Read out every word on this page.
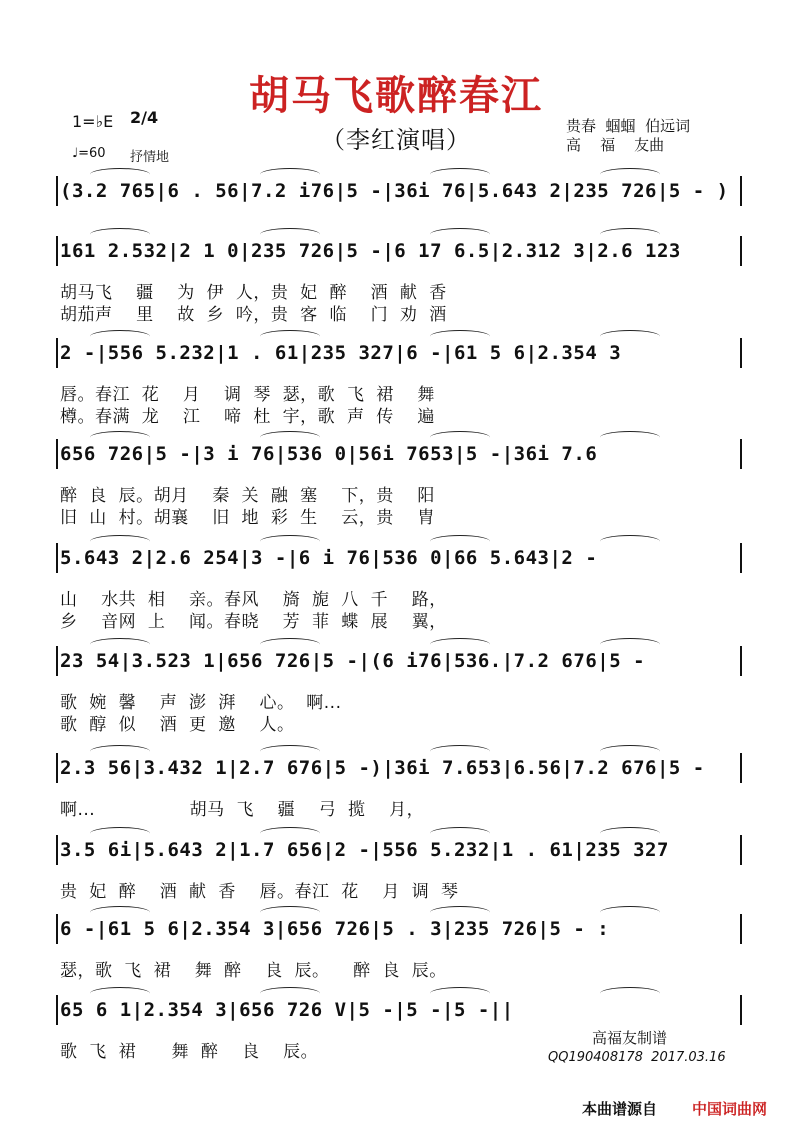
胡马飞歌醉春江
（李红演唱）
1=♭E 2/4
♩=60 抒情地
贵春  蝈蝈  伯远词
高    福    友曲
(3.2 765|6 . 56|7.2 i76|5 -|36i 76|5.643 2|235 726|5 - )
161 2.532|2 1 0|235 726|5 -|6 17 6.5|2.312 3|2.6 123
胡马飞    疆    为  伊  人，贵  妃  醉    酒  献  香
胡茄声    里    故  乡  吟，贵  客  临    门  劝  酒
2 -|556 5.232|1 . 61|235 327|6 -|61 5 6|2.354 3
唇。春江  花    月    调  琴  瑟，歌  飞  裙    舞
樽。春满  龙    江    啼  杜  宇，歌  声  传    遍
656 726|5 -|3 i 76|536 0|56i 7653|5 -|36i 7.6
醉  良  辰。胡月    秦  关  融  塞    下，贵    阳
旧  山  村。胡襄    旧  地  彩  生    云，贵    胄
5.643 2|2.6 254|3 -|6 i 76|536 0|66 5.643|2 -
山    水共  相    亲。春风    旖  旎  八  千    路，
乡    音网  上    闻。春晓    芳  菲  蝶  展    翼，
23 54|3.523 1|656 726|5 -|(6 i76|536.|7.2 676|5 -
歌  婉  馨    声  澎  湃    心。  啊...
歌  醇  似    酒  更  邀    人。
2.3 56|3.432 1|2.7 676|5 -)|36i 7.653|6.56|7.2 676|5 -
啊...                胡马  飞    疆    弓  揽    月，
3.5 6i|5.643 2|1.7 656|2 -|556 5.232|1 . 61|235 327
贵  妃  醉    酒  献  香    唇。春江  花    月  调  琴
6 -|61 5 6|2.354 3|656 726|5 . 3|235 726|5 - :
瑟，歌  飞  裙    舞  醉    良  辰。    醉  良  辰。
65 6 1|2.354 3|656 726 V|5 -|5 -|5 -||
歌  飞  裙      舞  醉    良    辰。
高福友制谱
QQ190408178  2017.03.16
本曲谱源自 中国词曲网
